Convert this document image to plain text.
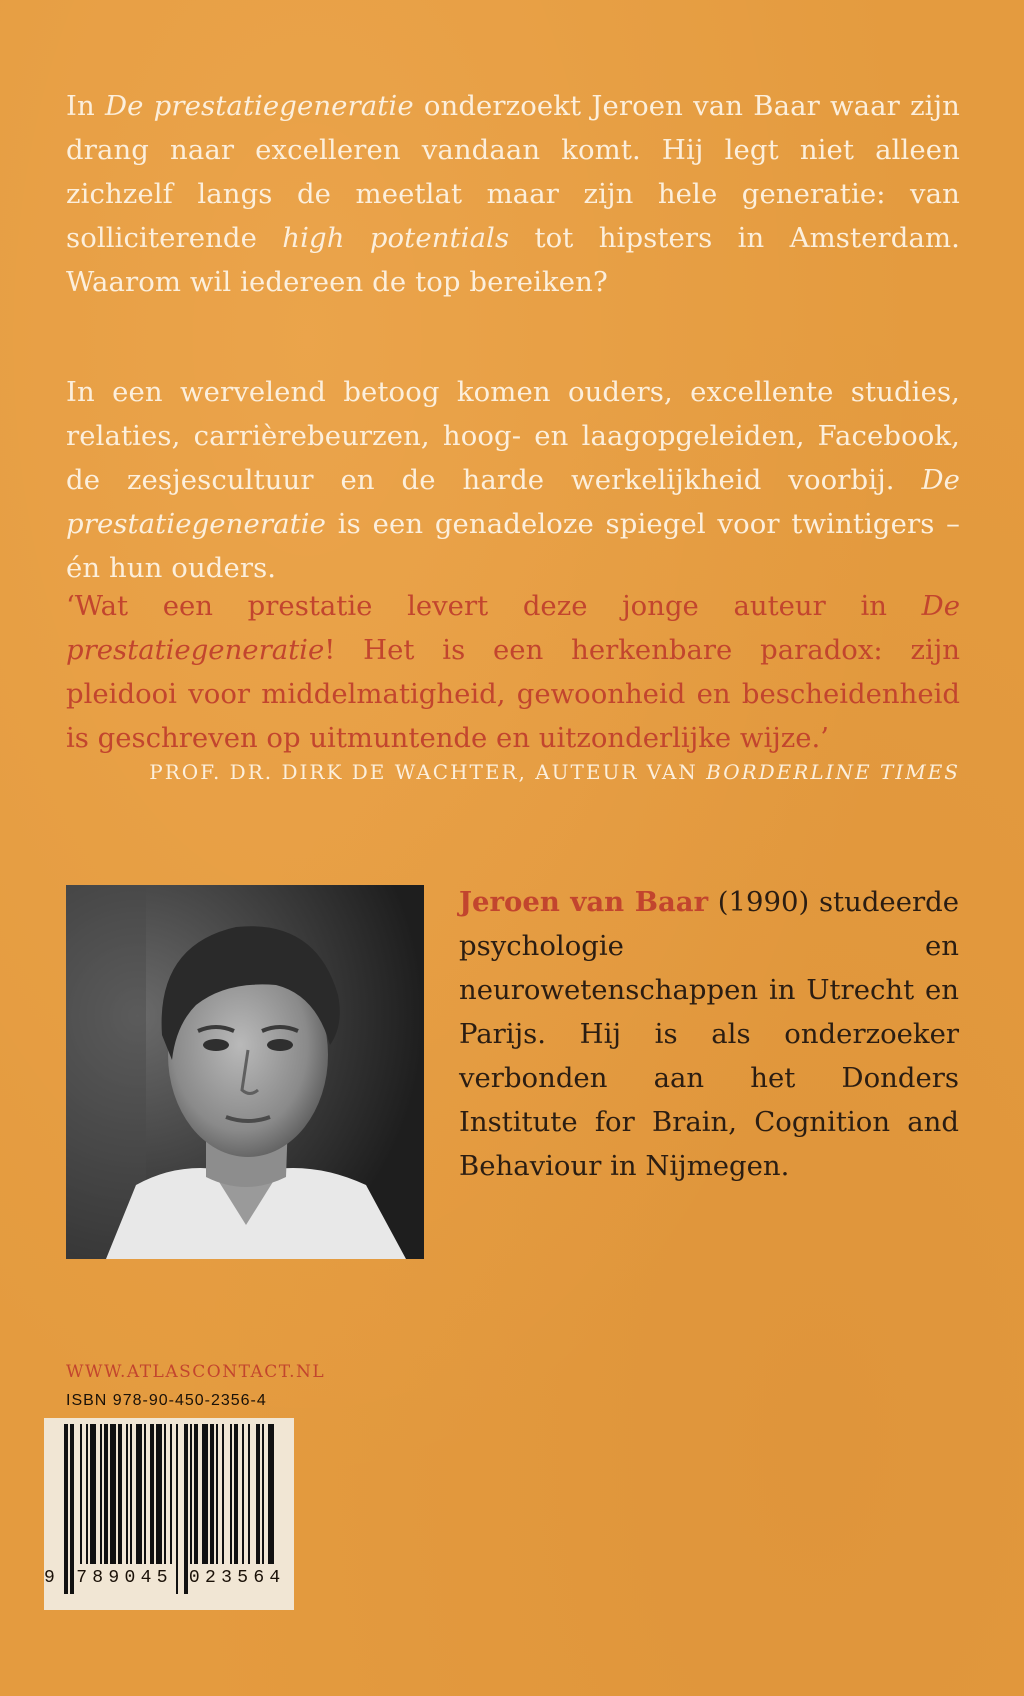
In De prestatiegeneratie onderzoekt Jeroen van Baar waar zijn drang naar excelleren vandaan komt. Hij legt niet alleen zichzelf langs de meetlat maar zijn hele generatie: van solliciterende high potentials tot hipsters in Amsterdam. Waarom wil iedereen de top bereiken?

In een wervelend betoog komen ouders, excellente studies, relaties, carrièrebeurzen, hoog- en laagopgeleiden, Facebook, de zesjescultuur en de harde werkelijkheid voorbij. De prestatiegeneratie is een genadeloze spiegel voor twintigers – én hun ouders.

‘Wat een prestatie levert deze jonge auteur in De prestatiegeneratie! Het is een herkenbare paradox: zijn pleidooi voor middelmatigheid, gewoonheid en bescheidenheid is geschreven op uitmuntende en uitzonderlijke wijze.’

PROF. DR. DIRK DE WACHTER, AUTEUR VAN BORDERLINE TIMES

Jeroen van Baar (1990) studeerde psychologie en neurowetenschappen in Utrecht en Parijs. Hij is als onderzoeker verbonden aan het Donders Institute for Brain, Cognition and Behaviour in Nijmegen.

WWW.ATLASCONTACT.NL

ISBN 978-90-450-2356-4

9 789045 023564
